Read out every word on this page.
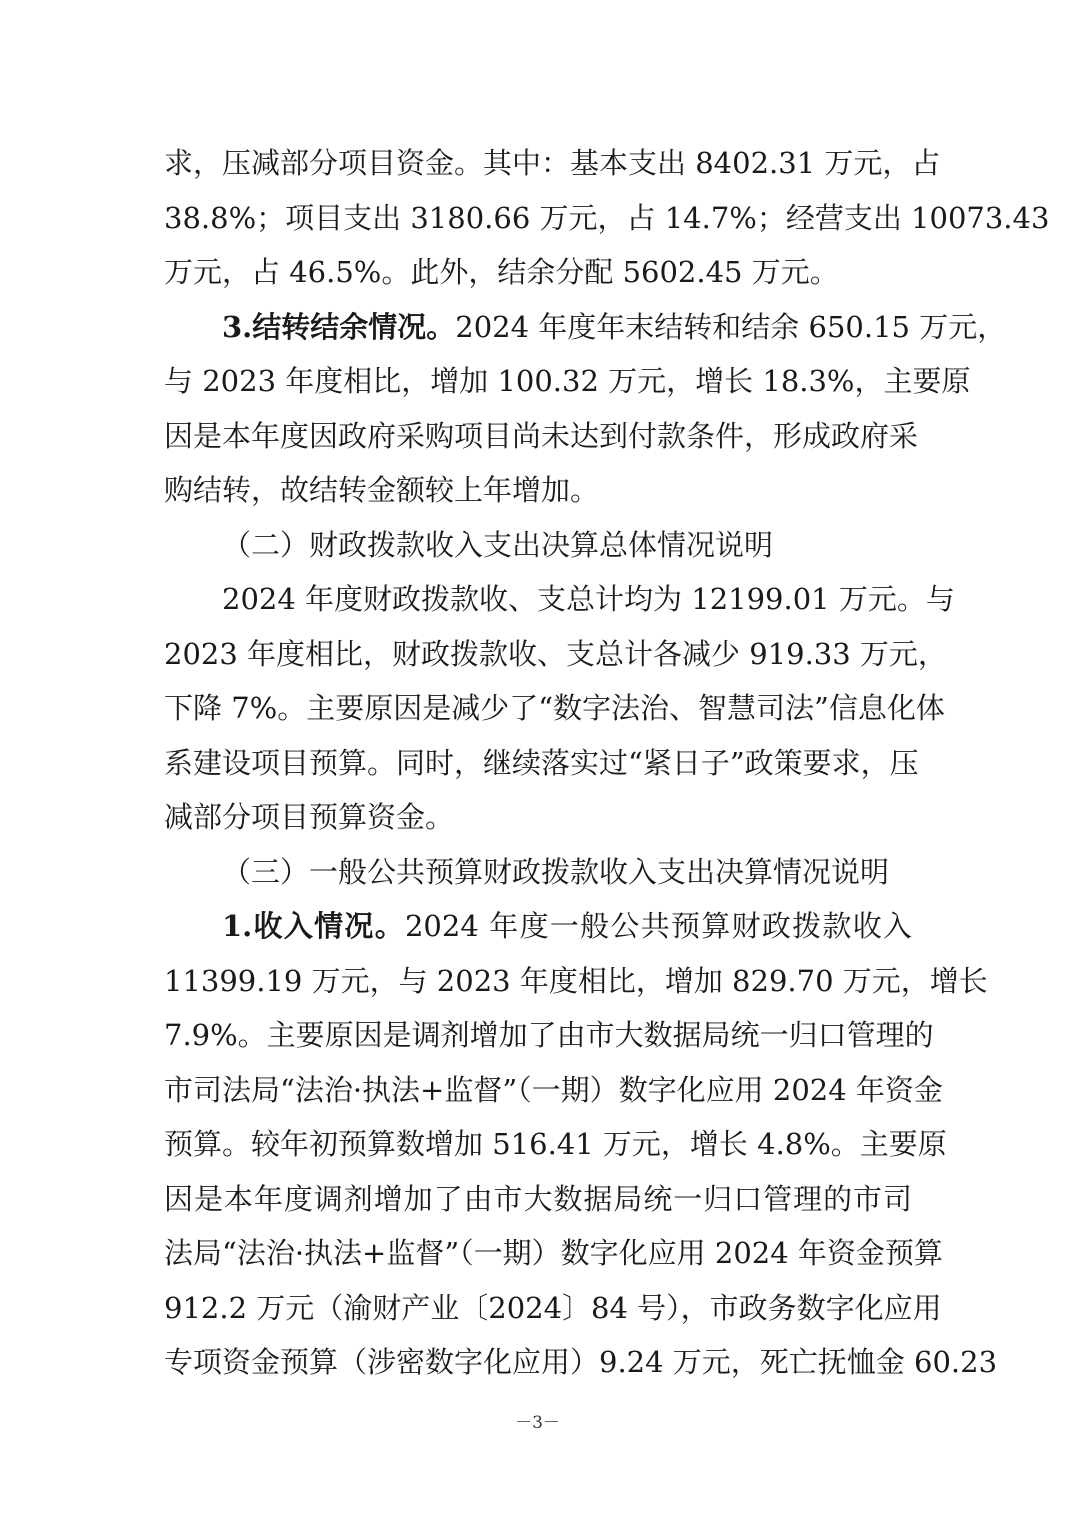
求，压减部分项目资金。其中：基本支出 8402.31 万元，占
38.8%；项目支出 3180.66 万元，占 14.7%；经营支出 10073.43
万元，占 46.5%。此外，结余分配 5602.45 万元。
3.结转结余情况。2024 年度年末结转和结余 650.15 万元，
与 2023 年度相比，增加 100.32 万元，增长 18.3%，主要原
因是本年度因政府采购项目尚未达到付款条件，形成政府采
购结转，故结转金额较上年增加。
（二）财政拨款收入支出决算总体情况说明
2024 年度财政拨款收、支总计均为 12199.01 万元。与
2023 年度相比，财政拨款收、支总计各减少 919.33 万元，
下降 7%。主要原因是减少了“数字法治、智慧司法”信息化体
系建设项目预算。同时，继续落实过“紧日子”政策要求，压
减部分项目预算资金。
（三）一般公共预算财政拨款收入支出决算情况说明
1.收入情况。2024 年度一般公共预算财政拨款收入
11399.19 万元，与 2023 年度相比，增加 829.70 万元，增长
7.9%。主要原因是调剂增加了由市大数据局统一归口管理的
市司法局“法治·执法+监督”（一期）数字化应用 2024 年资金
预算。较年初预算数增加 516.41 万元，增长 4.8%。主要原
因是本年度调剂增加了由市大数据局统一归口管理的市司
法局“法治·执法+监督”（一期）数字化应用 2024 年资金预算
912.2 万元（渝财产业〔2024〕84 号），市政务数字化应用
专项资金预算（涉密数字化应用）9.24 万元，死亡抚恤金 60.23
－3－
